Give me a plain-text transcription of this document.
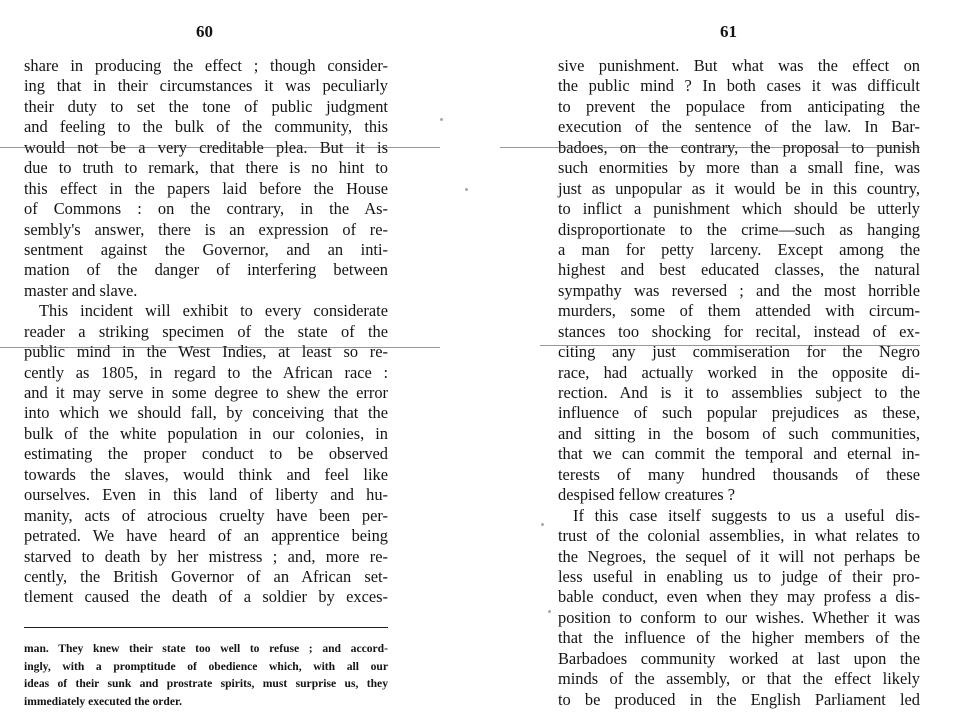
60
share in producing the effect ; though consider-
ing that in their circumstances it was peculiarly
their duty to set the tone of public judgment
and feeling to the bulk of the community, this
would not be a very creditable plea. But it is
due to truth to remark, that there is no hint to
this effect in the papers laid before the House
of Commons : on the contrary, in the As-
sembly's answer, there is an expression of re-
sentment against the Governor, and an inti-
mation of the danger of interfering between
master and slave.
This incident will exhibit to every considerate
reader a striking specimen of the state of the
public mind in the West Indies, at least so re-
cently as 1805, in regard to the African race :
and it may serve in some degree to shew the error
into which we should fall, by conceiving that the
bulk of the white population in our colonies, in
estimating the proper conduct to be observed
towards the slaves, would think and feel like
ourselves. Even in this land of liberty and hu-
manity, acts of atrocious cruelty have been per-
petrated. We have heard of an apprentice being
starved to death by her mistress ; and, more re-
cently, the British Governor of an African set-
tlement caused the death of a soldier by exces-
man. They knew their state too well to refuse ; and accord-
ingly, with a promptitude of obedience which, with all our
ideas of their sunk and prostrate spirits, must surprise us, they
immediately executed the order.
61
sive punishment. But what was the effect on
the public mind ? In both cases it was difficult
to prevent the populace from anticipating the
execution of the sentence of the law. In Bar-
badoes, on the contrary, the proposal to punish
such enormities by more than a small fine, was
just as unpopular as it would be in this country,
to inflict a punishment which should be utterly
disproportionate to the crime—such as hanging
a man for petty larceny. Except among the
highest and best educated classes, the natural
sympathy was reversed ; and the most horrible
murders, some of them attended with circum-
stances too shocking for recital, instead of ex-
citing any just commiseration for the Negro
race, had actually worked in the opposite di-
rection. And is it to assemblies subject to the
influence of such popular prejudices as these,
and sitting in the bosom of such communities,
that we can commit the temporal and eternal in-
terests of many hundred thousands of these
despised fellow creatures ?
If this case itself suggests to us a useful dis-
trust of the colonial assemblies, in what relates to
the Negroes, the sequel of it will not perhaps be
less useful in enabling us to judge of their pro-
bable conduct, even when they may profess a dis-
position to conform to our wishes. Whether it was
that the influence of the higher members of the
Barbadoes community worked at last upon the
minds of the assembly, or that the effect likely
to be produced in the English Parliament led
